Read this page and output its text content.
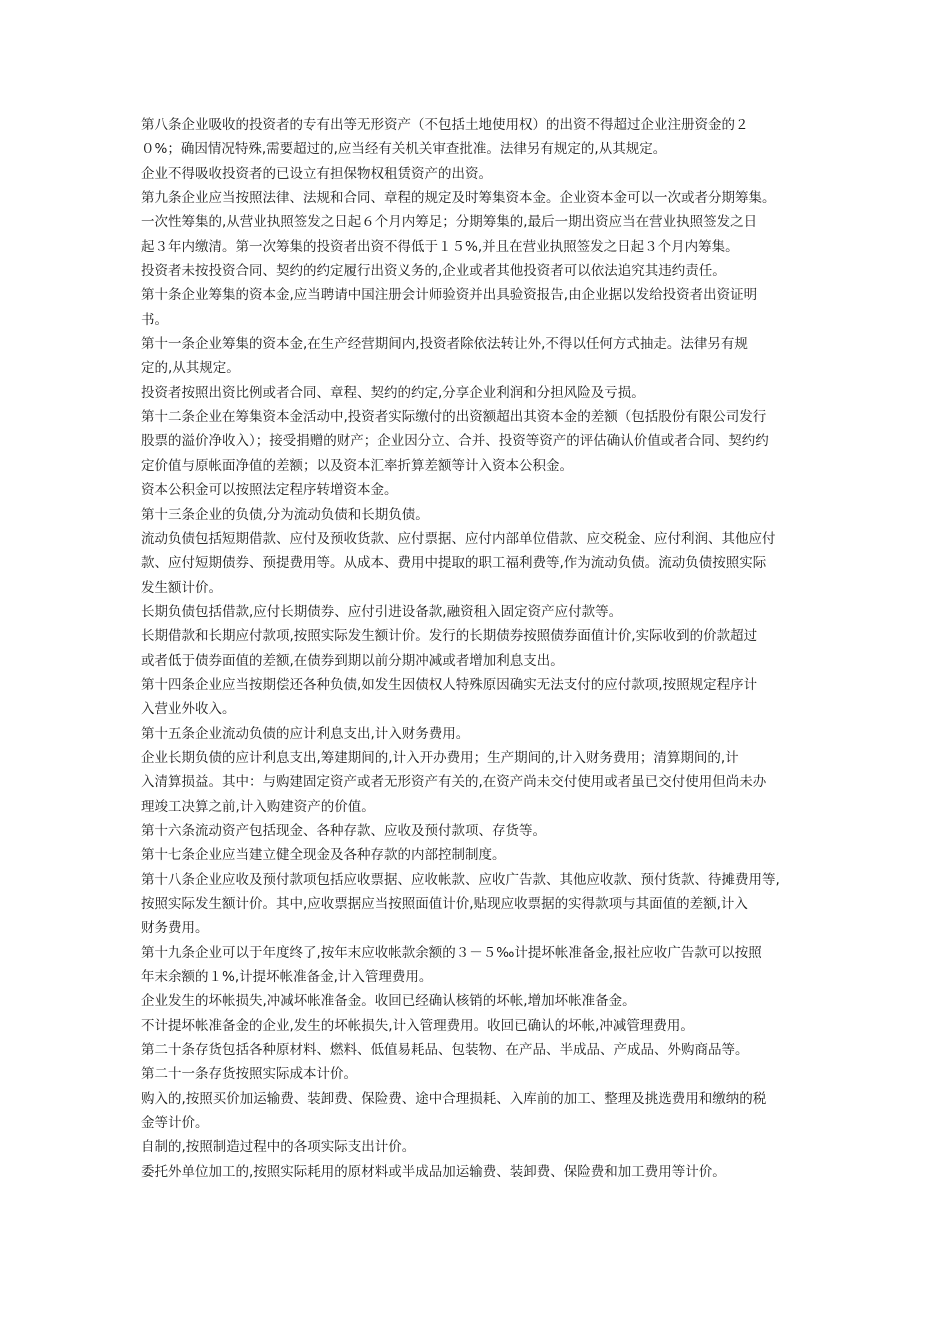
第八条企业吸收的投资者的专有出等无形资产（不包括土地使用权）的出资不得超过企业注册资金的２
０%；确因情况特殊,需要超过的,应当经有关机关审查批准。法律另有规定的,从其规定。
企业不得吸收投资者的已设立有担保物权租赁资产的出资。
第九条企业应当按照法律、法规和合同、章程的规定及时筹集资本金。企业资本金可以一次或者分期筹集。
一次性筹集的,从营业执照签发之日起６个月内筹足；分期筹集的,最后一期出资应当在营业执照签发之日
起３年内缴清。第一次筹集的投资者出资不得低于１５%,并且在营业执照签发之日起３个月内筹集。
投资者未按投资合同、契约的约定履行出资义务的,企业或者其他投资者可以依法追究其违约责任。
第十条企业筹集的资本金,应当聘请中国注册会计师验资并出具验资报告,由企业据以发给投资者出资证明
书。
第十一条企业筹集的资本金,在生产经营期间内,投资者除依法转让外,不得以任何方式抽走。法律另有规
定的,从其规定。
投资者按照出资比例或者合同、章程、契约的约定,分享企业利润和分担风险及亏损。
第十二条企业在筹集资本金活动中,投资者实际缴付的出资额超出其资本金的差额（包括股份有限公司发行
股票的溢价净收入）；接受捐赠的财产；企业因分立、合并、投资等资产的评估确认价值或者合同、契约约
定价值与原帐面净值的差额；以及资本汇率折算差额等计入资本公积金。
资本公积金可以按照法定程序转增资本金。
第十三条企业的负债,分为流动负债和长期负债。
流动负债包括短期借款、应付及预收货款、应付票据、应付内部单位借款、应交税金、应付利润、其他应付
款、应付短期债券、预提费用等。从成本、费用中提取的职工福利费等,作为流动负债。流动负债按照实际
发生额计价。
长期负债包括借款,应付长期债券、应付引进设备款,融资租入固定资产应付款等。
长期借款和长期应付款项,按照实际发生额计价。发行的长期债券按照债券面值计价,实际收到的价款超过
或者低于债券面值的差额,在债券到期以前分期冲减或者增加利息支出。
第十四条企业应当按期偿还各种负债,如发生因债权人特殊原因确实无法支付的应付款项,按照规定程序计
入营业外收入。
第十五条企业流动负债的应计利息支出,计入财务费用。
企业长期负债的应计利息支出,筹建期间的,计入开办费用；生产期间的,计入财务费用；清算期间的,计
入清算损益。其中：与购建固定资产或者无形资产有关的,在资产尚未交付使用或者虽已交付使用但尚未办
理竣工决算之前,计入购建资产的价值。
第十六条流动资产包括现金、各种存款、应收及预付款项、存货等。
第十七条企业应当建立健全现金及各种存款的内部控制制度。
第十八条企业应收及预付款项包括应收票据、应收帐款、应收广告款、其他应收款、预付货款、待摊费用等,
按照实际发生额计价。其中,应收票据应当按照面值计价,贴现应收票据的实得款项与其面值的差额,计入
财务费用。
第十九条企业可以于年度终了,按年末应收帐款余额的３－５‰计提坏帐准备金,报社应收广告款可以按照
年末余额的１%,计提坏帐准备金,计入管理费用。
企业发生的坏帐损失,冲减坏帐准备金。收回已经确认核销的坏帐,增加坏帐准备金。
不计提坏帐准备金的企业,发生的坏帐损失,计入管理费用。收回已确认的坏帐,冲减管理费用。
第二十条存货包括各种原材料、燃料、低值易耗品、包装物、在产品、半成品、产成品、外购商品等。
第二十一条存货按照实际成本计价。
购入的,按照买价加运输费、装卸费、保险费、途中合理损耗、入库前的加工、整理及挑选费用和缴纳的税
金等计价。
自制的,按照制造过程中的各项实际支出计价。
委托外单位加工的,按照实际耗用的原材料或半成品加运输费、装卸费、保险费和加工费用等计价。
